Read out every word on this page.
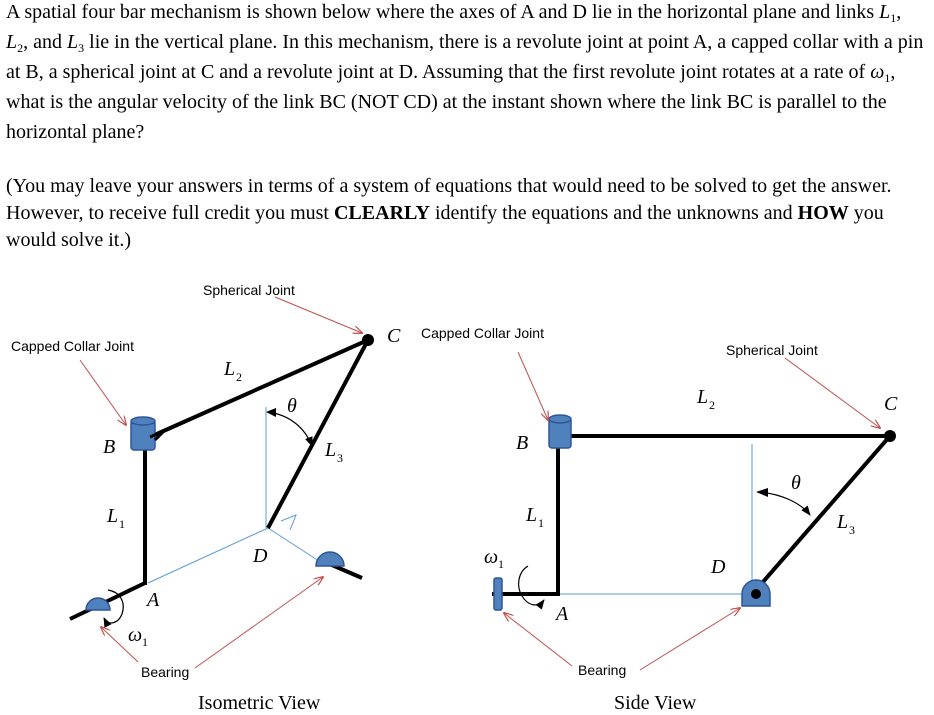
A spatial four bar mechanism is shown below where the axes of A and D lie in the horizontal plane and links $L_1$, $L_2$, and $L_3$ lie in the vertical plane. In this mechanism, there is a revolute joint at point A, a capped collar with a pin at B, a spherical joint at C and a revolute joint at D. Assuming that the first revolute joint rotates at a rate of $\omega_1$, what is the angular velocity of the link BC (NOT CD) at the instant shown where the link BC is parallel to the horizontal plane?

(You may leave your answers in terms of a system of equations that would need to be solved to get the answer. However, to receive full credit you must CLEARLY identify the equations and the unknowns and HOW you would solve it.)

Spherical Joint
Capped Collar Joint
Bearing
C
B
D
A
L 2
L 1
L 3
θ
ω 1
Isometric View
Capped Collar Joint
Spherical Joint
Bearing
C
B
D
A
L 2
L 1	L 3
θ
ω 1
Side View
